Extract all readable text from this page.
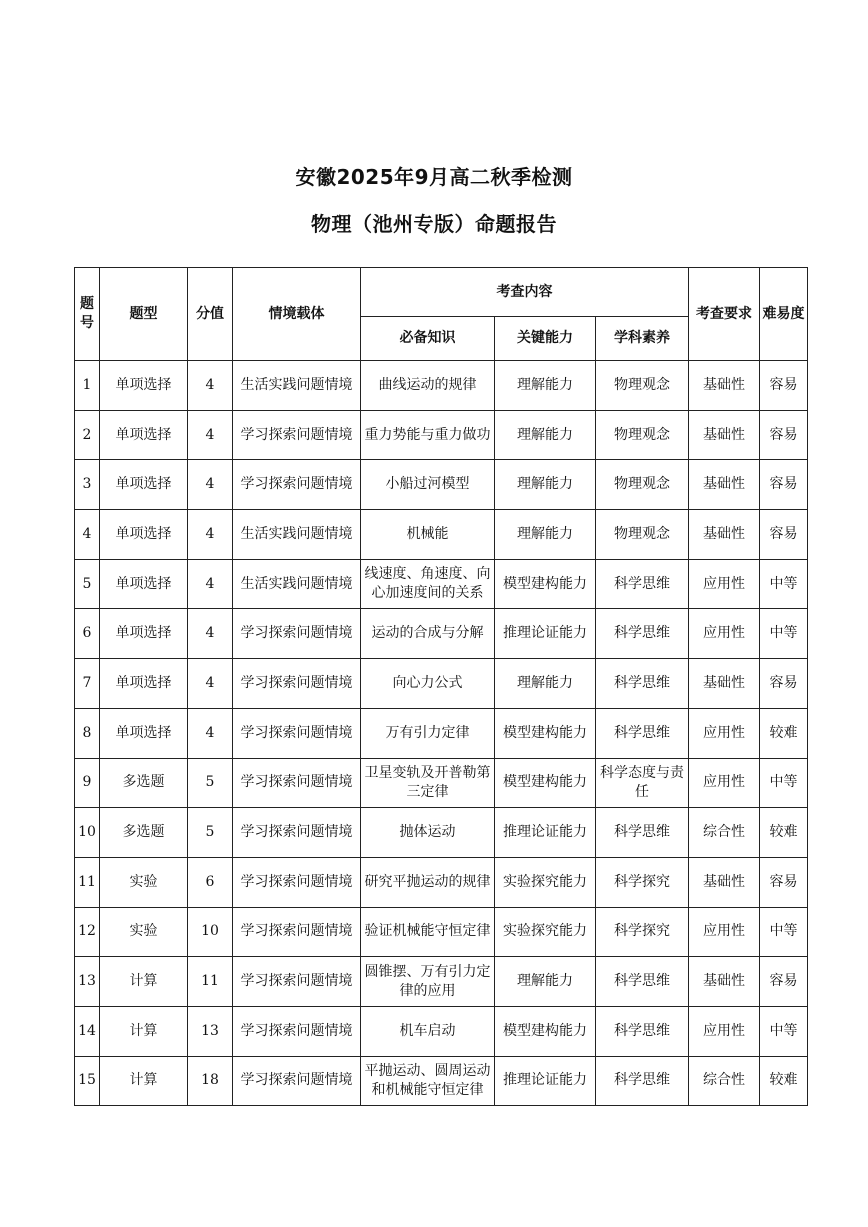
安徽2025年9月高二秋季检测
物理（池州专版）命题报告
题号	题型	分值	情境载体	考查内容			考查要求	难易度
				必备知识	关键能力	学科素养		
1	单项选择	4	生活实践问题情境	曲线运动的规律	理解能力	物理观念	基础性	容易
2	单项选择	4	学习探索问题情境	重力势能与重力做功	理解能力	物理观念	基础性	容易
3	单项选择	4	学习探索问题情境	小船过河模型	理解能力	物理观念	基础性	容易
4	单项选择	4	生活实践问题情境	机械能	理解能力	物理观念	基础性	容易
5	单项选择	4	生活实践问题情境	线速度、角速度、向心加速度间的关系	模型建构能力	科学思维	应用性	中等
6	单项选择	4	学习探索问题情境	运动的合成与分解	推理论证能力	科学思维	应用性	中等
7	单项选择	4	学习探索问题情境	向心力公式	理解能力	科学思维	基础性	容易
8	单项选择	4	学习探索问题情境	万有引力定律	模型建构能力	科学思维	应用性	较难
9	多选题	5	学习探索问题情境	卫星变轨及开普勒第三定律	模型建构能力	科学态度与责任	应用性	中等
10	多选题	5	学习探索问题情境	抛体运动	推理论证能力	科学思维	综合性	较难
11	实验	6	学习探索问题情境	研究平抛运动的规律	实验探究能力	科学探究	基础性	容易
12	实验	10	学习探索问题情境	验证机械能守恒定律	实验探究能力	科学探究	应用性	中等
13	计算	11	学习探索问题情境	圆锥摆、万有引力定律的应用	理解能力	科学思维	基础性	容易
14	计算	13	学习探索问题情境	机车启动	模型建构能力	科学思维	应用性	中等
15	计算	18	学习探索问题情境	平抛运动、圆周运动和机械能守恒定律	推理论证能力	科学思维	综合性	较难
